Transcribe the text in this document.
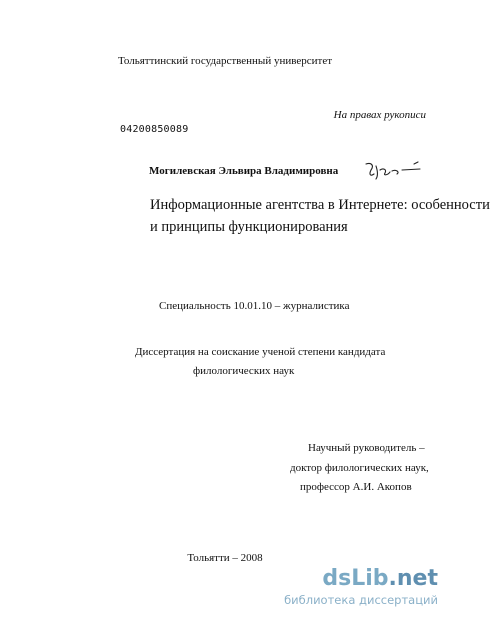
Тольяттинский государственный университет
На правах рукописи
04200850089
Могилевская Эльвира Владимировна
Информационные агентства в Интернете: особенности
и принципы функционирования
Специальность 10.01.10 – журналистика
Диссертация на соискание ученой степени кандидата
филологических наук
Научный руководитель –
доктор филологических наук,
профессор А.И. Акопов
Тольятти – 2008
dsLib.net
библиотека диссертаций
